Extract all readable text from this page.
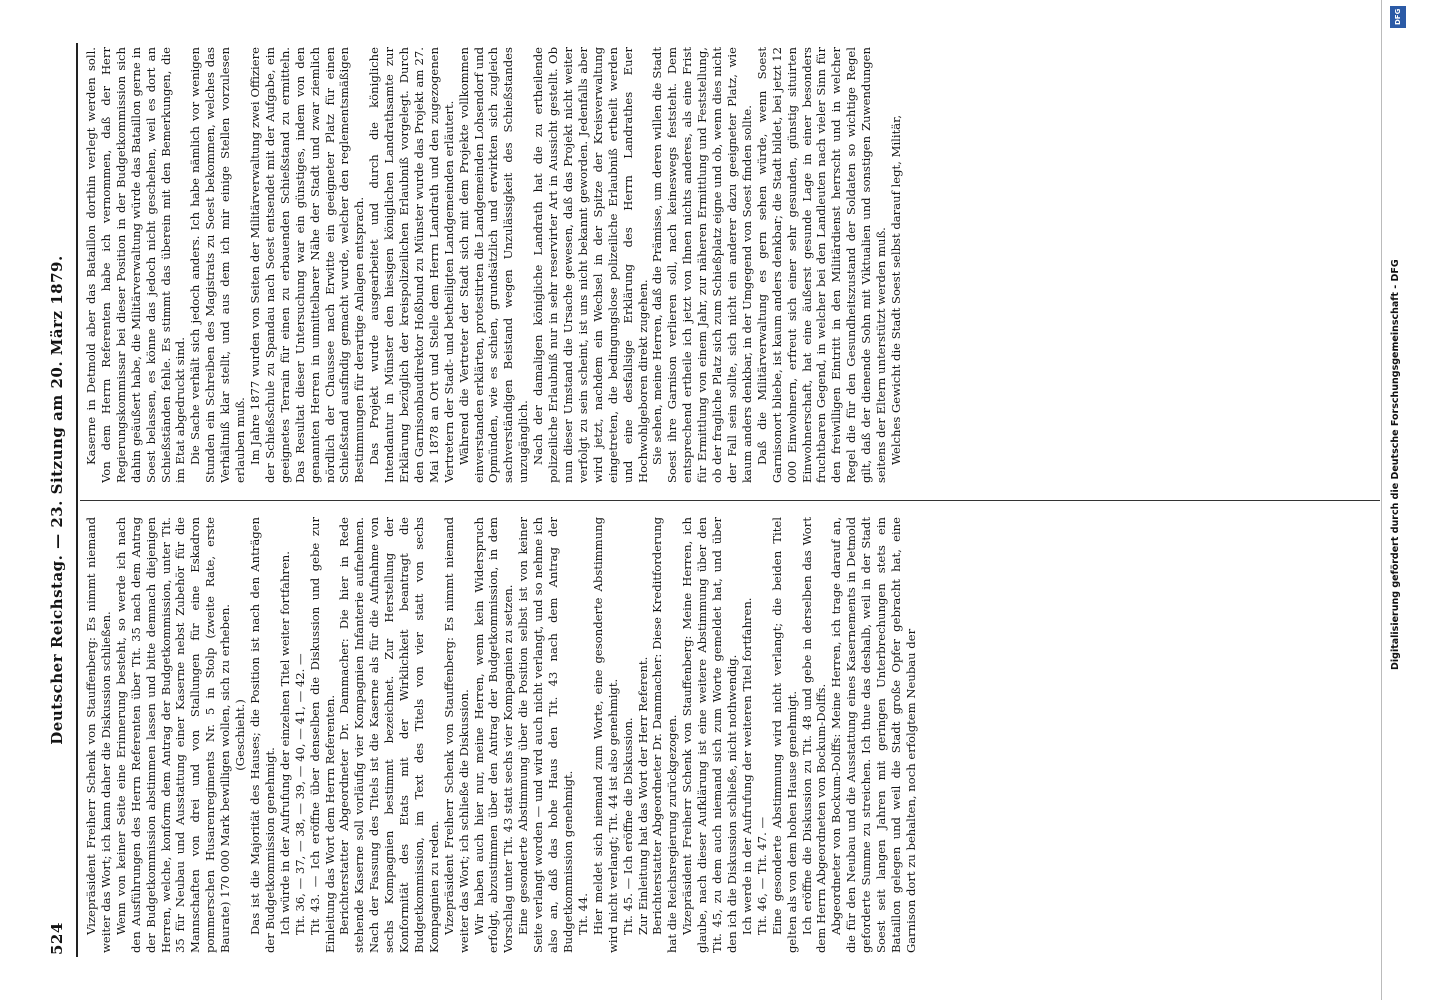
524
Deutscher Reichstag. — 23. Sitzung am 20. März 1879. Vizepräsident Freiherr Schenk von Stauffenberg: Es nimmt niemand weiter das Wort; ich kann daher die Diskussion schließen. Wenn von keiner Seite eine Erinnerung besteht, so werde ich nach den Ausführungen des Herrn Referenten über Tit. 35 nach dem Antrag der Budgetkommission abstimmen lassen und bitte demnach diejenigen Herren, welche, konform dem Antrag der Budgetkommission, unter Tit. 35 für Neubau und Ausstattung einer Kaserne nebst Zubehör für die Mannschaften von drei und von Stallungen für eine Eskadron pommerschen Husarenregiments Nr. 5 in Stolp (zweite Rate, erste Baurate) 170 000 Mark bewilligen wollen, sich zu erheben. (Geschieht.) Das ist die Majorität des Hauses; die Position ist nach den Anträgen der Budgetkommission genehmigt. Ich würde in der Aufrufung der einzelnen Titel weiter fortfahren. Tit. 36, — 37, — 38, — 39, — 40, — 41, — 42. — Tit 43. — Ich eröffne über denselben die Diskussion und gebe zur Einleitung das Wort dem Herrn Referenten. Berichterstatter Abgeordneter Dr. Dammacher: Die hier in Rede stehende Kaserne soll vorläufig vier Kompagnien Infanterie aufnehmen. Nach der Fassung des Titels ist die Kaserne als für die Aufnahme von sechs Kompagnien bestimmt bezeichnet. Zur Herstellung der Konformität des Etats mit der Wirklichkeit beantragt die Budgetkommission, im Text des Titels von vier statt von sechs Kompagnien zu reden. Vizepräsident Freiherr Schenk von Stauffenberg: Es nimmt niemand weiter das Wort; ich schließe die Diskussion. Wir haben auch hier nur, meine Herren, wenn kein Widerspruch erfolgt, abzustimmen über den Antrag der Budgetkommission, in dem Vorschlag unter Tit. 43 statt sechs vier Kompagnien zu setzen. Eine gesonderte Abstimmung über die Position selbst ist von keiner Seite verlangt worden — und wird auch nicht verlangt, und so nehme ich also an, daß das hohe Haus den Tit. 43 nach dem Antrag der Budgetkommission genehmigt. Tit. 44. Hier meldet sich niemand zum Worte, eine gesonderte Abstimmung wird nicht verlangt; Tit. 44 ist also genehmigt. Tit. 45. — Ich eröffne die Diskussion. Zur Einleitung hat das Wort der Herr Referent. Berichterstatter Abgeordneter Dr. Dammacher: Diese Kreditforderung hat die Reichsregierung zurückgezogen. Vizepräsident Freiherr Schenk von Stauffenberg: Meine Herren, ich glaube, nach dieser Aufklärung ist eine weitere Abstimmung über den Tit. 45, zu dem auch niemand sich zum Worte gemeldet hat, und über den ich die Diskussion schließe, nicht nothwendig. Ich werde in der Aufrufung der weiteren Titel fortfahren. Tit. 46, — Tit. 47. — Eine gesonderte Abstimmung wird nicht verlangt; die beiden Titel gelten als von dem hohen Hause genehmigt. Ich eröffne die Diskussion zu Tit. 48 und gebe in derselben das Wort dem Herrn Abgeordneten von Bockum-Dolffs. Abgeordneter von Bockum-Dolffs: Meine Herren, ich trage darauf an, die für den Neubau und die Ausstattung eines Kasernements in Detmold geforderte Summe zu streichen. Ich thue das deshalb, weil in der Stadt Soest seit langen Jahren mit geringen Unterbrechungen stets ein Bataillon gelegen und weil die Stadt große Opfer gebracht hat, eine Garnison dort zu behalten, noch erfolgtem Neubau der

Kaserne in Detmold aber das Bataillon dorthin verlegt werden soll. Von dem Herrn Referenten habe ich vernommen, daß der Herr Regierungskommissar bei dieser Position in der Budgetkommission sich dahin geäußert habe, die Militärverwaltung würde das Bataillon gerne in Soest belassen, es könne das jedoch nicht geschehen, weil es dort an Schießständen fehle. Es stimmt das überein mit den Bemerkungen, die im Etat abgedruckt sind. Die Sache verhält sich jedoch anders. Ich habe nämlich vor wenigen Stunden ein Schreiben des Magistrats zu Soest bekommen, welches das Verhältniß klar stellt, und aus dem ich mir einige Stellen vorzulesen erlauben muß. Im Jahre 1877 wurden von Seiten der Militärverwaltung zwei Offiziere der Schießschule zu Spandau nach Soest entsendet mit der Aufgabe, ein geeignetes Terrain für einen zu erbauenden Schießstand zu ermitteln. Das Resultat dieser Untersuchung war ein günstiges, indem von den genannten Herren in unmittelbarer Nähe der Stadt und zwar ziemlich nördlich der Chaussee nach Erwitte ein geeigneter Platz für einen Schießstand ausfindig gemacht wurde, welcher den reglementsmäßigen Bestimmungen für derartige Anlagen entsprach. Das Projekt wurde ausgearbeitet und durch die königliche Intendantur in Münster den hiesigen königlichen Landrathsamte zur Erklärung bezüglich der kreispolizeilichen Erlaubniß vorgelegt. Durch den Garnisonbaudirektor Hoßbund zu Münster wurde das Projekt am 27. Mai 1878 an Ort und Stelle dem Herrn Landrath und den zugezogenen Vertretern der Stadt- und betheiligten Landgemeinden erläutert. Während die Vertreter der Stadt sich mit dem Projekte vollkommen einverstanden erklärten, protestirten die Landgemeinden Lohsendorf und Opmünden, wie es schien, grundsätzlich und erwirkten sich zugleich sachverständigen Beistand wegen Unzulässigkeit des Schießstandes unzugänglich. Nach der damaligen königliche Landrath hat die zu ertheilende polizeiliche Erlaubniß nur in sehr reservirter Art in Aussicht gestellt. Ob nun dieser Umstand die Ursache gewesen, daß das Projekt nicht weiter verfolgt zu sein scheint, ist uns nicht bekannt geworden. Jedenfalls aber wird jetzt, nachdem ein Wechsel in der Spitze der Kreisverwaltung eingetreten, die bedingungslose polizeiliche Erlaubniß ertheilt werden und eine desfallsige Erklärung des Herrn Landrathes Euer Hochwohlgeboren direkt zugehen. Sie sehen, meine Herren, daß die Prämisse, um deren willen die Stadt Soest ihre Garnison verlieren soll, nach keineswegs feststeht. Dem entsprechend ertheile ich jetzt von Ihnen nichts anderes, als eine Frist für Ermittlung von einem Jahr, zur näheren Ermittlung und Feststellung, ob der fragliche Platz sich zum Schießplatz eigne und ob, wenn dies nicht der Fall sein sollte, sich nicht ein anderer dazu geeigneter Platz, wie kaum anders denkbar, in der Umgegend von Soest finden sollte. Daß die Militärverwaltung es gern sehen würde, wenn Soest Garnisonort bliebe, ist kaum anders denkbar; die Stadt bildet, bei jetzt 12 000 Einwohnern, erfreut sich einer sehr gesunden, günstig situirten Einwohnerschaft, hat eine äußerst gesunde Lage in einer besonders fruchtbaren Gegend, in welcher bei den Landleuten nach vieler Sinn für den freiwilligen Eintritt in den Militärdienst herrscht und in welcher Regel die für den Gesundheitszustand der Soldaten so wichtige Regel gilt, daß der dienende Sohn mit Viktualien und sonstigen Zuwendungen seitens der Eltern unterstützt werden muß. Welches Gewicht die Stadt Soest selbst darauf legt, Militär,

DFG
Digitalisierung gefördert durch die Deutsche Forschungsgemeinschaft - DFG
